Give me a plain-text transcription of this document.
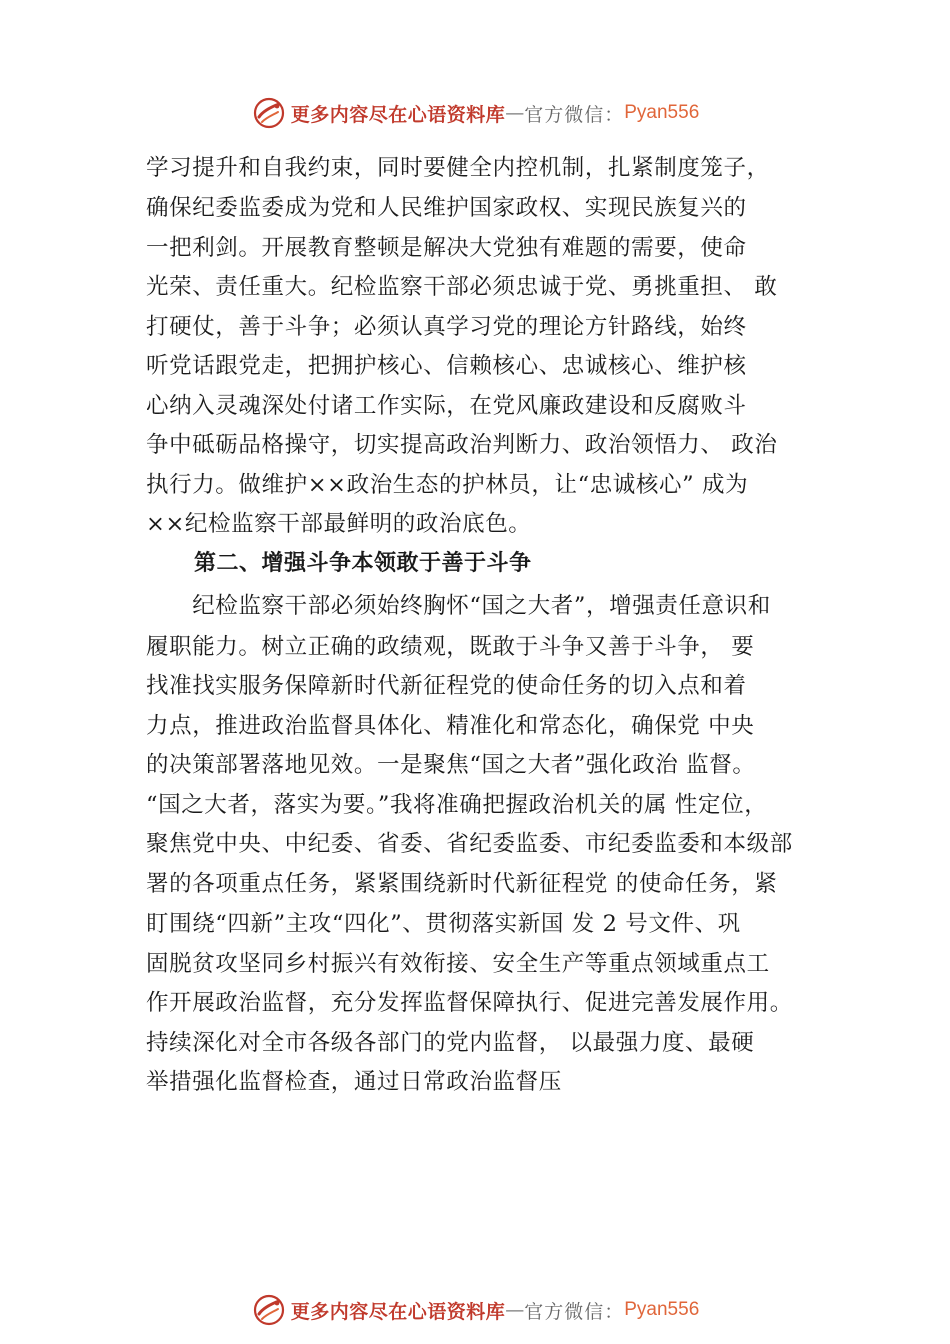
更多内容尽在心语资料库 — 官方微信： Pyan556
学习提升和自我约束，同时要健全内控机制，扎紧制度笼子，
确保纪委监委成为党和人民维护国家政权、实现民族复兴的
一把利剑。开展教育整顿是解决大党独有难题的需要，使命
光荣、责任重大。纪检监察干部必须忠诚于党、勇挑重担、 敢
打硬仗，善于斗争；必须认真学习党的理论方针路线，始终
听党话跟党走，把拥护核心、信赖核心、忠诚核心、维护核
心纳入灵魂深处付诸工作实际，在党风廉政建设和反腐败斗
争中砥砺品格操守，切实提高政治判断力、政治领悟力、 政治
执行力。做维护××政治生态的护林员，让“忠诚核心” 成为
××纪检监察干部最鲜明的政治底色。
第二、增强斗争本领敢于善于斗争
　　纪检监察干部必须始终胸怀“国之大者”，增强责任意识和
履职能力。树立正确的政绩观，既敢于斗争又善于斗争， 要
找准找实服务保障新时代新征程党的使命任务的切入点和着
力点，推进政治监督具体化、精准化和常态化，确保党 中央
的决策部署落地见效。一是聚焦“国之大者”强化政治 监督。
“国之大者，落实为要。”我将准确把握政治机关的属 性定位，
聚焦党中央、中纪委、省委、省纪委监委、市纪委监委和本级部
署的各项重点任务，紧紧围绕新时代新征程党 的使命任务，紧
盯围绕“四新”主攻“四化”、贯彻落实新国 发 2 号文件、巩
固脱贫攻坚同乡村振兴有效衔接、安全生产等重点领域重点工
作开展政治监督，充分发挥监督保障执行、促进完善发展作用。
持续深化对全市各级各部门的党内监督， 以最强力度、最硬
举措强化监督检查，通过日常政治监督压
更多内容尽在心语资料库 — 官方微信： Pyan556
